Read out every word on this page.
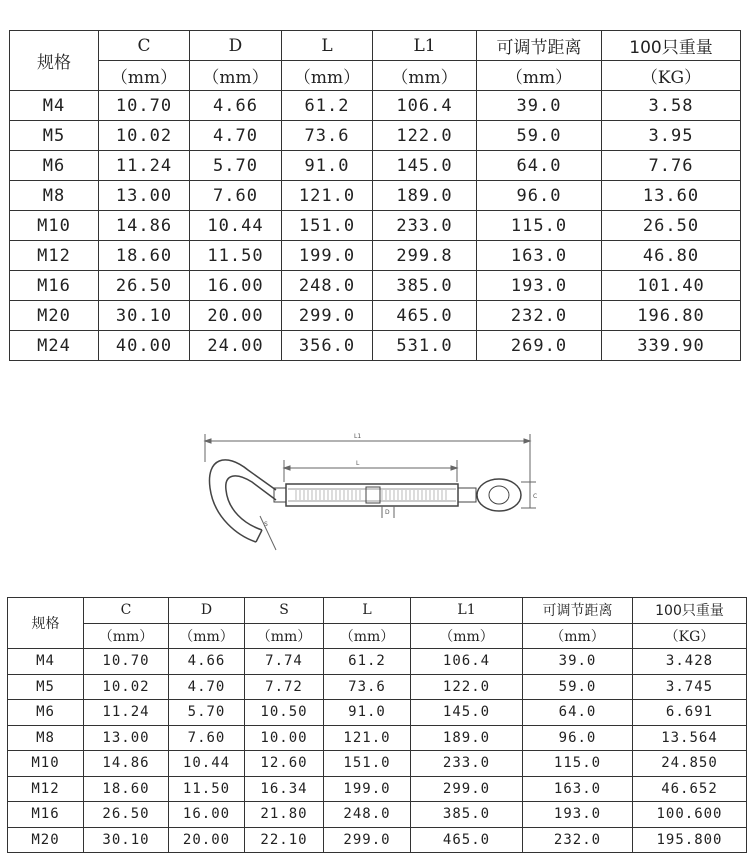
规格	C	D	L	L1	可调节距离	100只重量
	（mm）	（mm）	（mm）	（mm）	（mm）	（KG）
M4	10.70	4.66	61.2	106.4	39.0	3.58
M5	10.02	4.70	73.6	122.0	59.0	3.95
M6	11.24	5.70	91.0	145.0	64.0	7.76
M8	13.00	7.60	121.0	189.0	96.0	13.60
M10	14.86	10.44	151.0	233.0	115.0	26.50
M12	18.60	11.50	199.0	299.8	163.0	46.80
M16	26.50	16.00	248.0	385.0	193.0	101.40
M20	30.10	20.00	299.0	465.0	232.0	196.80
M24	40.00	24.00	356.0	531.0	269.0	339.90
L1
L
C
D
S
规格	C	D	S	L	L1	可调节距离	100只重量
	（mm）	（mm）	（mm）	（mm）	（mm）	（mm）	（KG）
M4	10.70	4.66	7.74	61.2	106.4	39.0	3.428
M5	10.02	4.70	7.72	73.6	122.0	59.0	3.745
M6	11.24	5.70	10.50	91.0	145.0	64.0	6.691
M8	13.00	7.60	10.00	121.0	189.0	96.0	13.564
M10	14.86	10.44	12.60	151.0	233.0	115.0	24.850
M12	18.60	11.50	16.34	199.0	299.0	163.0	46.652
M16	26.50	16.00	21.80	248.0	385.0	193.0	100.600
M20	30.10	20.00	22.10	299.0	465.0	232.0	195.800
